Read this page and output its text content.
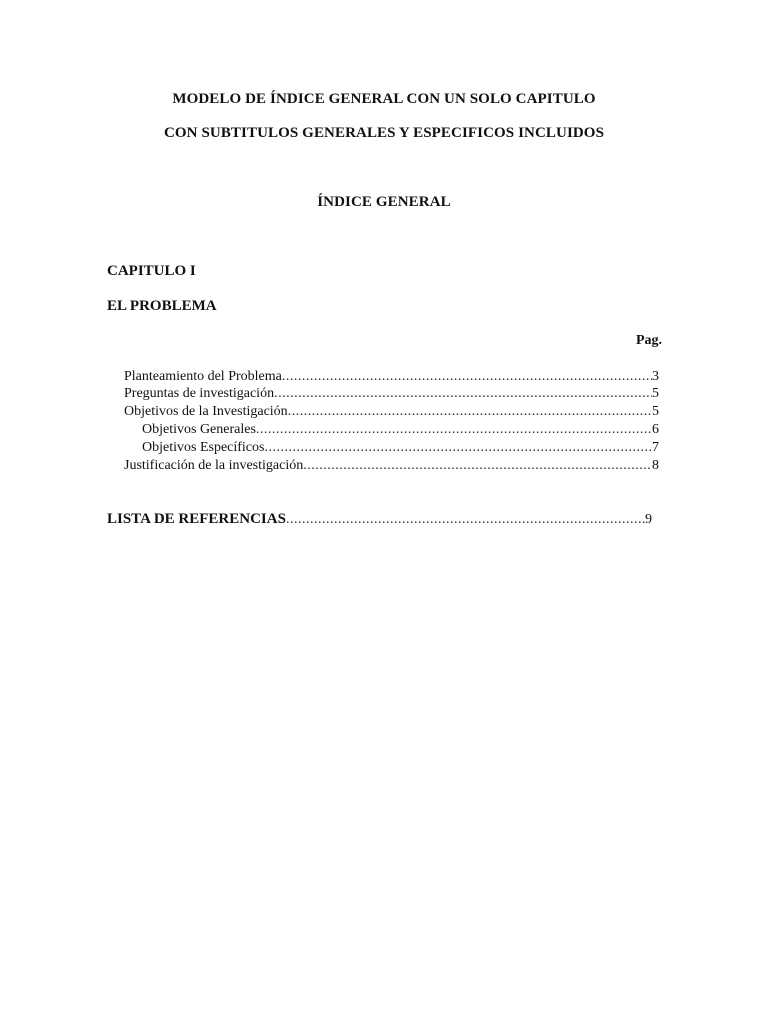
MODELO DE ÍNDICE GENERAL CON UN SOLO CAPITULO
CON SUBTITULOS GENERALES Y ESPECIFICOS INCLUIDOS
ÍNDICE GENERAL
CAPITULO I
EL PROBLEMA
Pag.
Planteamiento del Problema .....	3
Preguntas de investigación .....	5
Objetivos de la Investigación .....	5
Objetivos Generales .....	6
Objetivos Específicos .....	7
Justificación de la investigación .....	8
LISTA DE REFERENCIAS .....	9
